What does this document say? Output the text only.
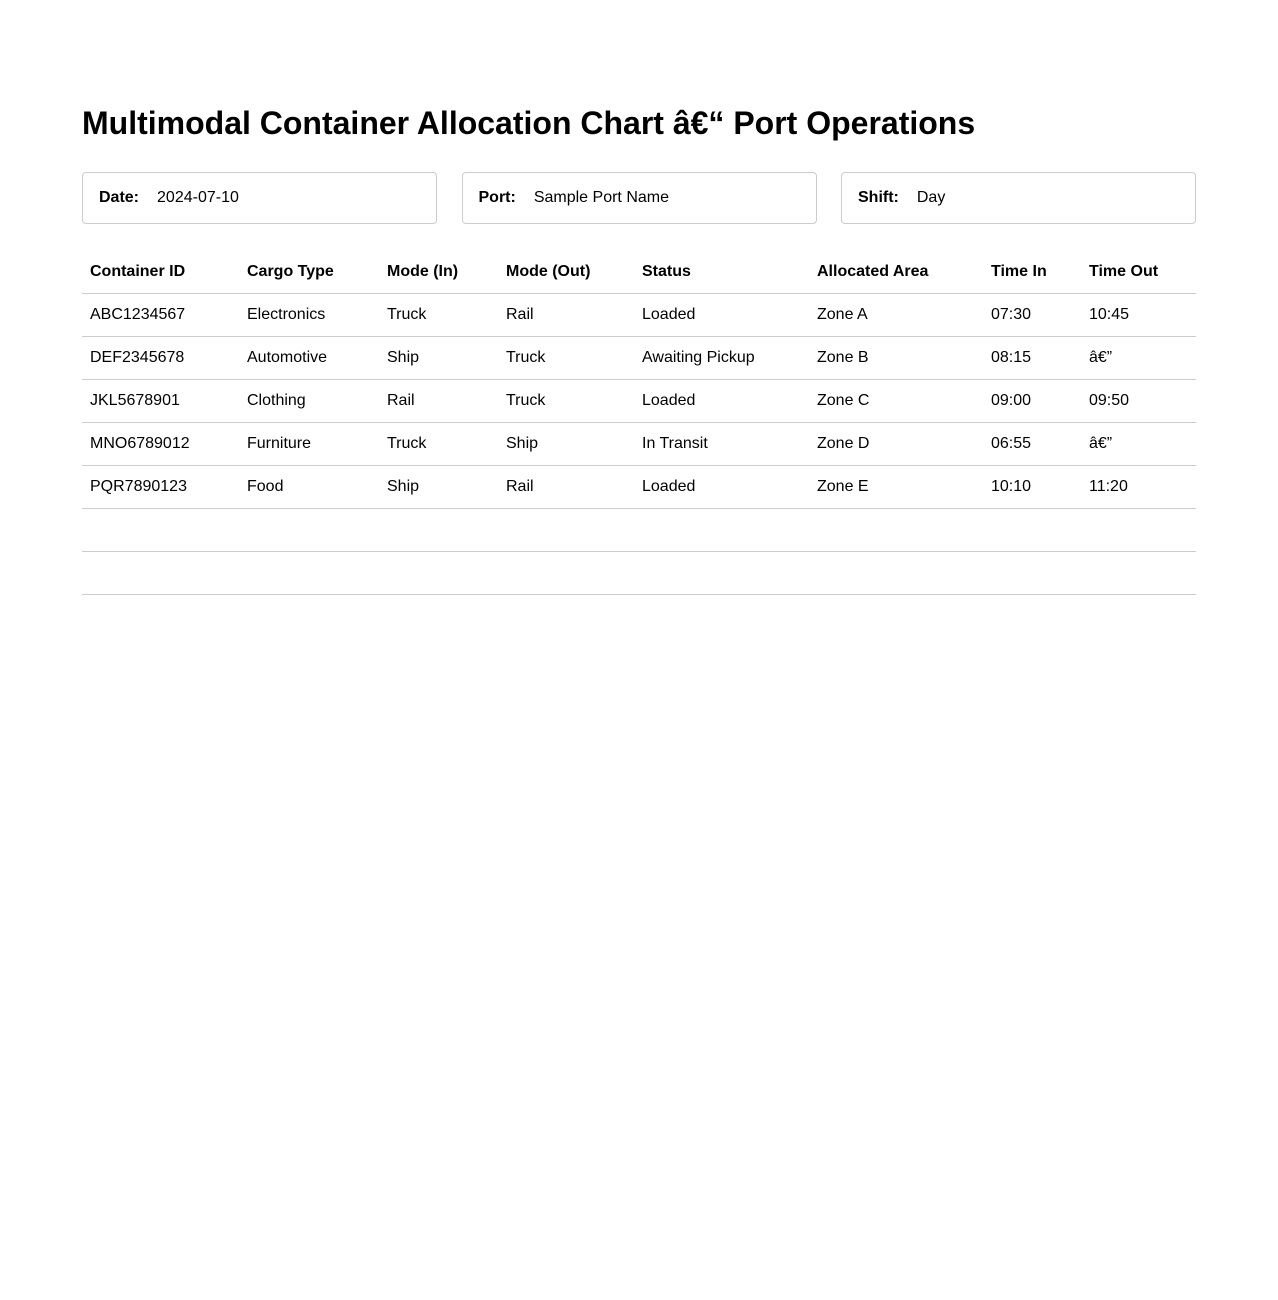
Multimodal Container Allocation Chart â€“ Port Operations
Date: 2024-07-10	Port: Sample Port Name	Shift: Day
Container ID	Cargo Type	Mode (In)	Mode (Out)	Status	Allocated Area	Time In	Time Out
ABC1234567	Electronics	Truck	Rail	Loaded	Zone A	07:30	10:45
DEF2345678	Automotive	Ship	Truck	Awaiting Pickup	Zone B	08:15	â€”
JKL5678901	Clothing	Rail	Truck	Loaded	Zone C	09:00	09:50
MNO6789012	Furniture	Truck	Ship	In Transit	Zone D	06:55	â€”
PQR7890123	Food	Ship	Rail	Loaded	Zone E	10:10	11:20
